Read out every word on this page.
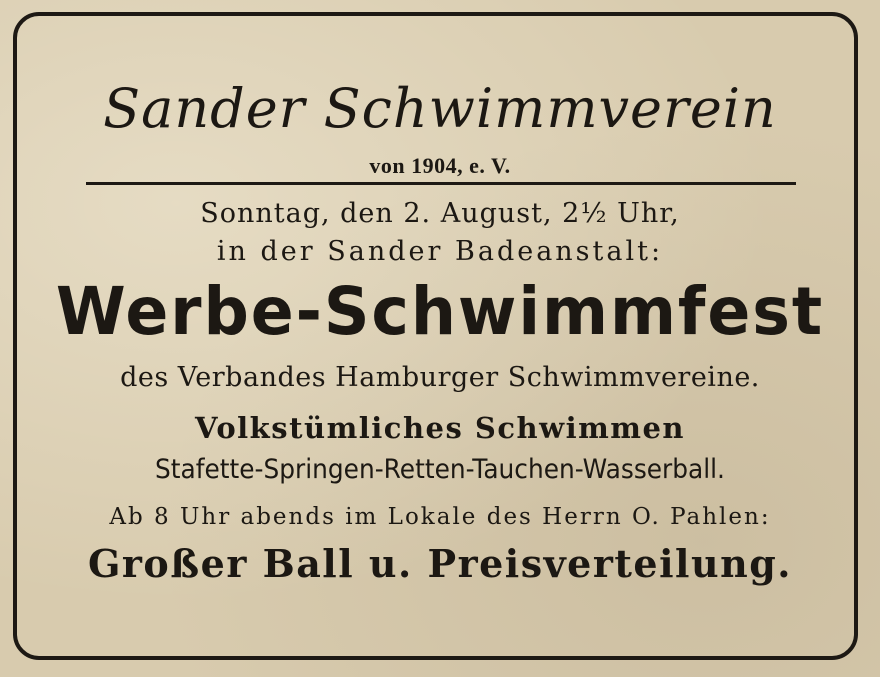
Sander Schwimmverein
von 1904, e. V.
Sonntag, den 2. August, 2½ Uhr,
in der Sander Badeanstalt:
Werbe-Schwimmfest
des Verbandes Hamburger Schwimmvereine.
Volkstümliches Schwimmen
Stafette-Springen-Retten-Tauchen-Wasserball.
Ab 8 Uhr abends im Lokale des Herrn O. Pahlen:
Großer Ball u. Preisverteilung.
